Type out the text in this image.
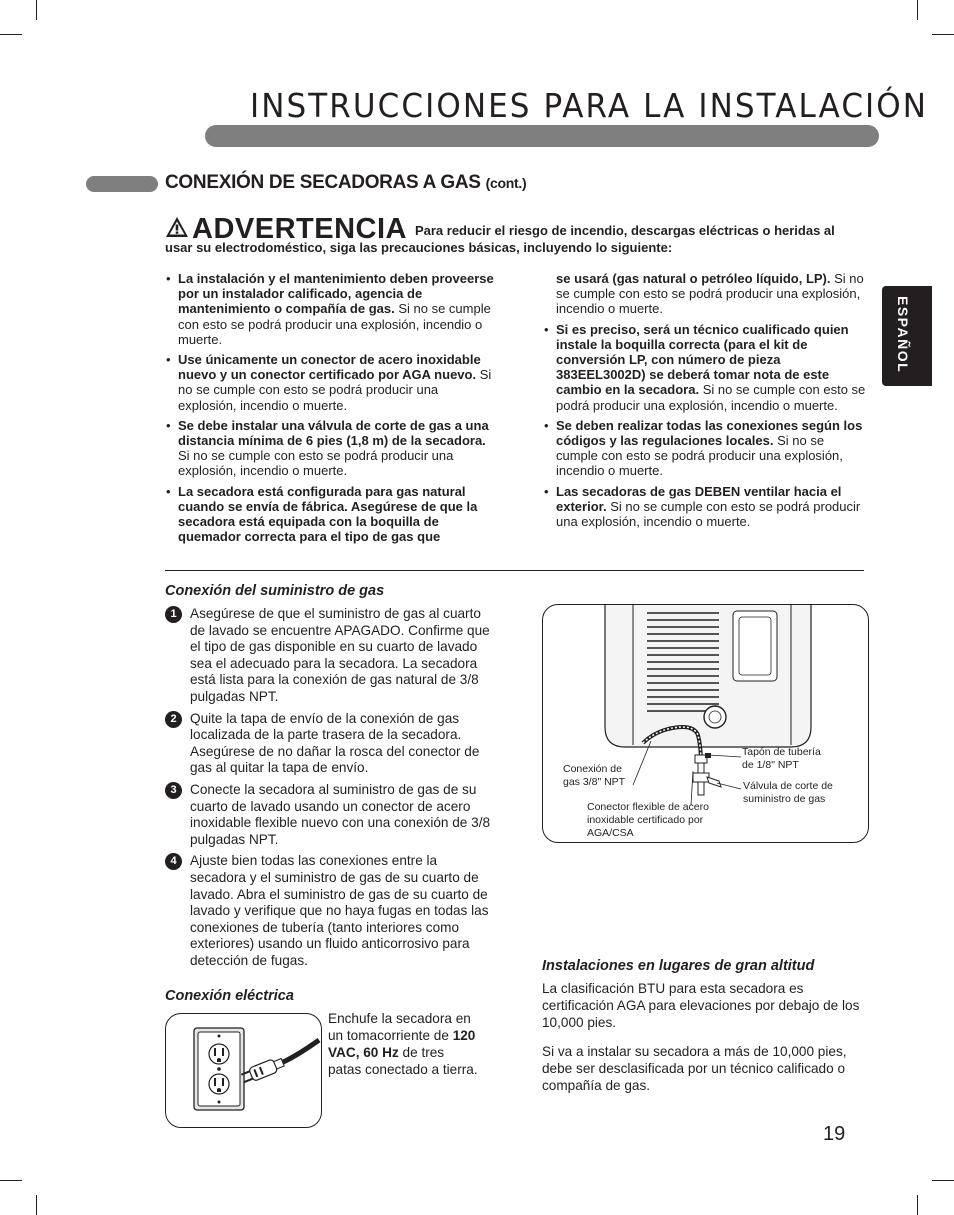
INSTRUCCIONES PARA LA INSTALACIÓN
CONEXIÓN DE SECADORAS A GAS (cont.)
ESPAÑOL
ADVERTENCIA Para reducir el riesgo de incendio, descargas eléctricas o heridas al usar su electrodoméstico, siga las precauciones básicas, incluyendo lo siguiente:
• La instalación y el mantenimiento deben proveerse por un instalador calificado, agencia de mantenimiento o compañía de gas. Si no se cumple con esto se podrá producir una explosión, incendio o muerte.
• Use únicamente un conector de acero inoxidable nuevo y un conector certificado por AGA nuevo. Si no se cumple con esto se podrá producir una explosión, incendio o muerte.
• Se debe instalar una válvula de corte de gas a una distancia mínima de 6 pies (1,8 m) de la secadora. Si no se cumple con esto se podrá producir una explosión, incendio o muerte.
• La secadora está configurada para gas natural cuando se envía de fábrica. Asegúrese de que la secadora está equipada con la boquilla de quemador correcta para el tipo de gas que
se usará (gas natural o petróleo líquido, LP). Si no se cumple con esto se podrá producir una explosión, incendio o muerte.
• Si es preciso, será un técnico cualificado quien instale la boquilla correcta (para el kit de conversión LP, con número de pieza 383EEL3002D) se deberá tomar nota de este cambio en la secadora. Si no se cumple con esto se podrá producir una explosión, incendio o muerte.
• Se deben realizar todas las conexiones según los códigos y las regulaciones locales. Si no se cumple con esto se podrá producir una explosión, incendio o muerte.
• Las secadoras de gas DEBEN ventilar hacia el exterior. Si no se cumple con esto se podrá producir una explosión, incendio o muerte.
Conexión del suministro de gas
1 Asegúrese de que el suministro de gas al cuarto de lavado se encuentre APAGADO. Confirme que el tipo de gas disponible en su cuarto de lavado sea el adecuado para la secadora. La secadora está lista para la conexión de gas natural de 3/8 pulgadas NPT.
2 Quite la tapa de envío de la conexión de gas localizada de la parte trasera de la secadora. Asegúrese de no dañar la rosca del conector de gas al quitar la tapa de envío.
3 Conecte la secadora al suministro de gas de su cuarto de lavado usando un conector de acero inoxidable flexible nuevo con una conexión de 3/8 pulgadas NPT.
4 Ajuste bien todas las conexiones entre la secadora y el suministro de gas de su cuarto de lavado. Abra el suministro de gas de su cuarto de lavado y verifique que no haya fugas en todas las conexiones de tubería (tanto interiores como exteriores) usando un fluido anticorrosivo para detección de fugas.
Conexión de
gas 3/8" NPT
Tapón de tubería
de 1/8" NPT
Válvula de corte de
suministro de gas
Conector flexible de acero
inoxidable certificado por
AGA/CSA
Conexión eléctrica
Enchufe la secadora en un tomacorriente de 120 VAC, 60 Hz de tres patas conectado a tierra.
Instalaciones en lugares de gran altitud

La clasificación BTU para esta secadora es certificación AGA para elevaciones por debajo de los 10,000 pies.

Si va a instalar su secadora a más de 10,000 pies, debe ser desclasificada por un técnico calificado o compañía de gas.

19
